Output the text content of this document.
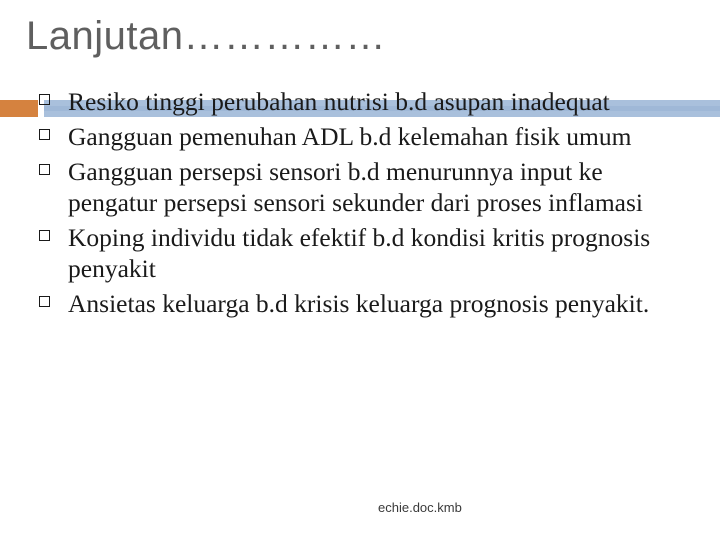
Lanjutan……………
Resiko tinggi perubahan nutrisi b.d asupan inadequat
Gangguan pemenuhan ADL b.d kelemahan fisik umum
Gangguan persepsi sensori b.d menurunnya input ke pengatur persepsi sensori sekunder dari proses inflamasi
Koping individu tidak efektif b.d kondisi kritis prognosis penyakit
Ansietas keluarga b.d krisis keluarga prognosis penyakit.
echie.doc.kmb
